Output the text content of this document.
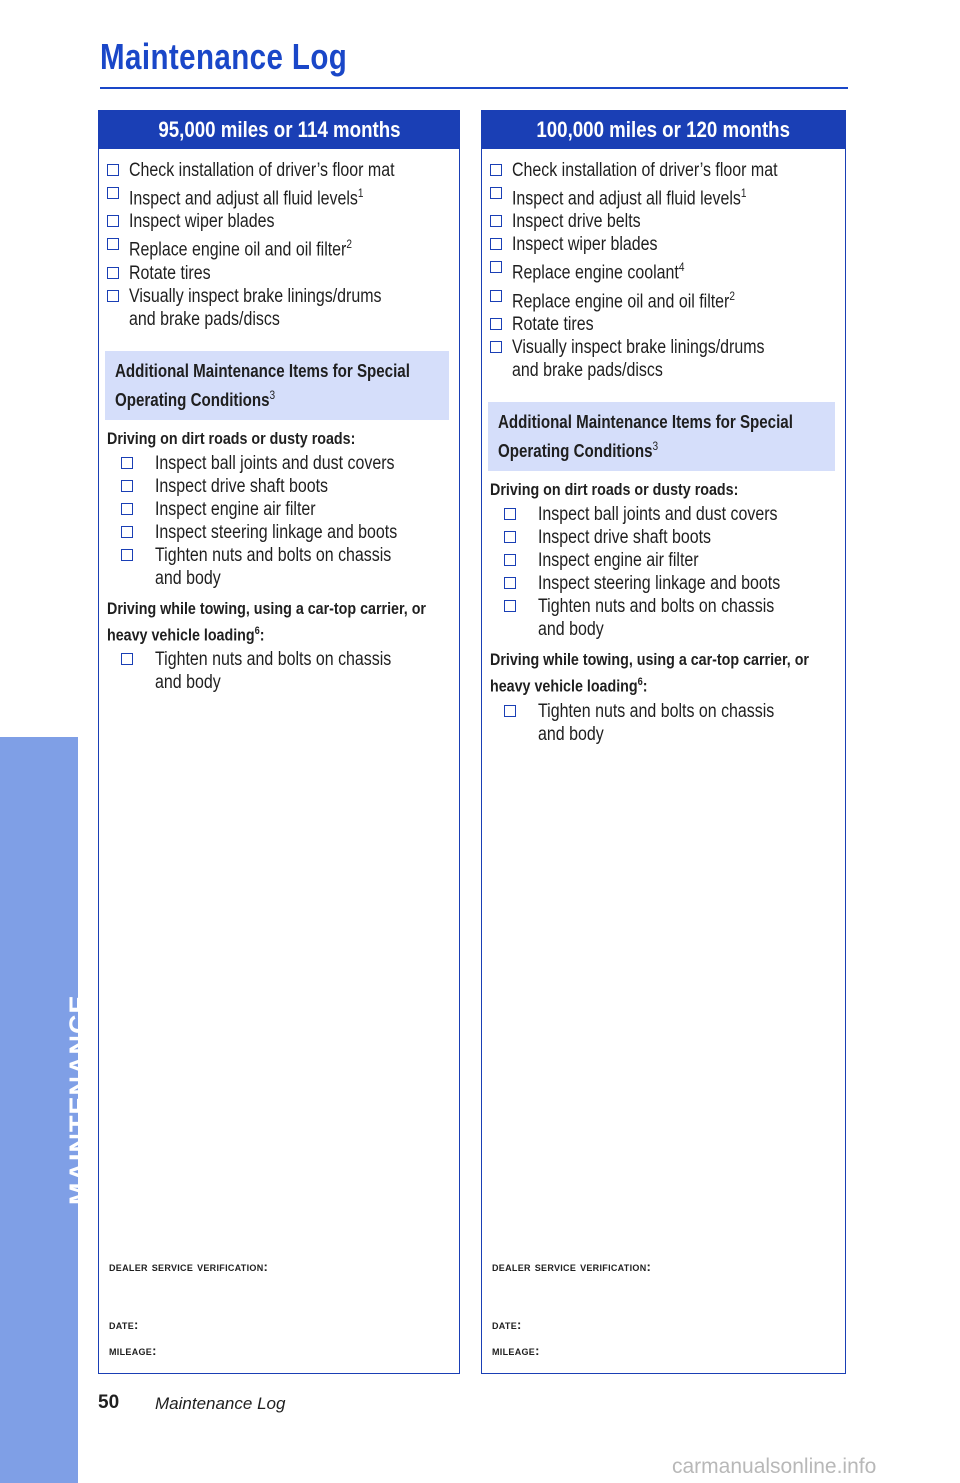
MAINTENANCE
Maintenance Log
95,000 miles or 114 months
Check installation of driver’s floor mat
Inspect and adjust all fluid levels$^1$
Inspect wiper blades
Replace engine oil and oil filter$^2$
Rotate tires
Visually inspect brake linings/drums and brake pads/discs

Additional Maintenance Items for Special Operating Conditions$^3$

Driving on dirt roads or dusty roads:

Inspect ball joints and dust covers
Inspect drive shaft boots
Inspect engine air filter
Inspect steering linkage and boots
Tighten nuts and bolts on chassis and body

Driving while towing, using a car-top carrier, or heavy vehicle loading$^6$:

Tighten nuts and bolts on chassis and body
dealer service verification:
date:
mileage:
100,000 miles or 120 months
Check installation of driver’s floor mat
Inspect and adjust all fluid levels$^1$
Inspect drive belts
Inspect wiper blades
Replace engine coolant$^4$
Replace engine oil and oil filter$^2$
Rotate tires
Visually inspect brake linings/drums and brake pads/discs

Additional Maintenance Items for Special Operating Conditions$^3$

Driving on dirt roads or dusty roads:

Inspect ball joints and dust covers
Inspect drive shaft boots
Inspect engine air filter
Inspect steering linkage and boots
Tighten nuts and bolts on chassis and body

Driving while towing, using a car-top carrier, or heavy vehicle loading$^6$:

Tighten nuts and bolts on chassis and body
dealer service verification:
date:
mileage:
50 Maintenance Log
carmanualsonline.info
